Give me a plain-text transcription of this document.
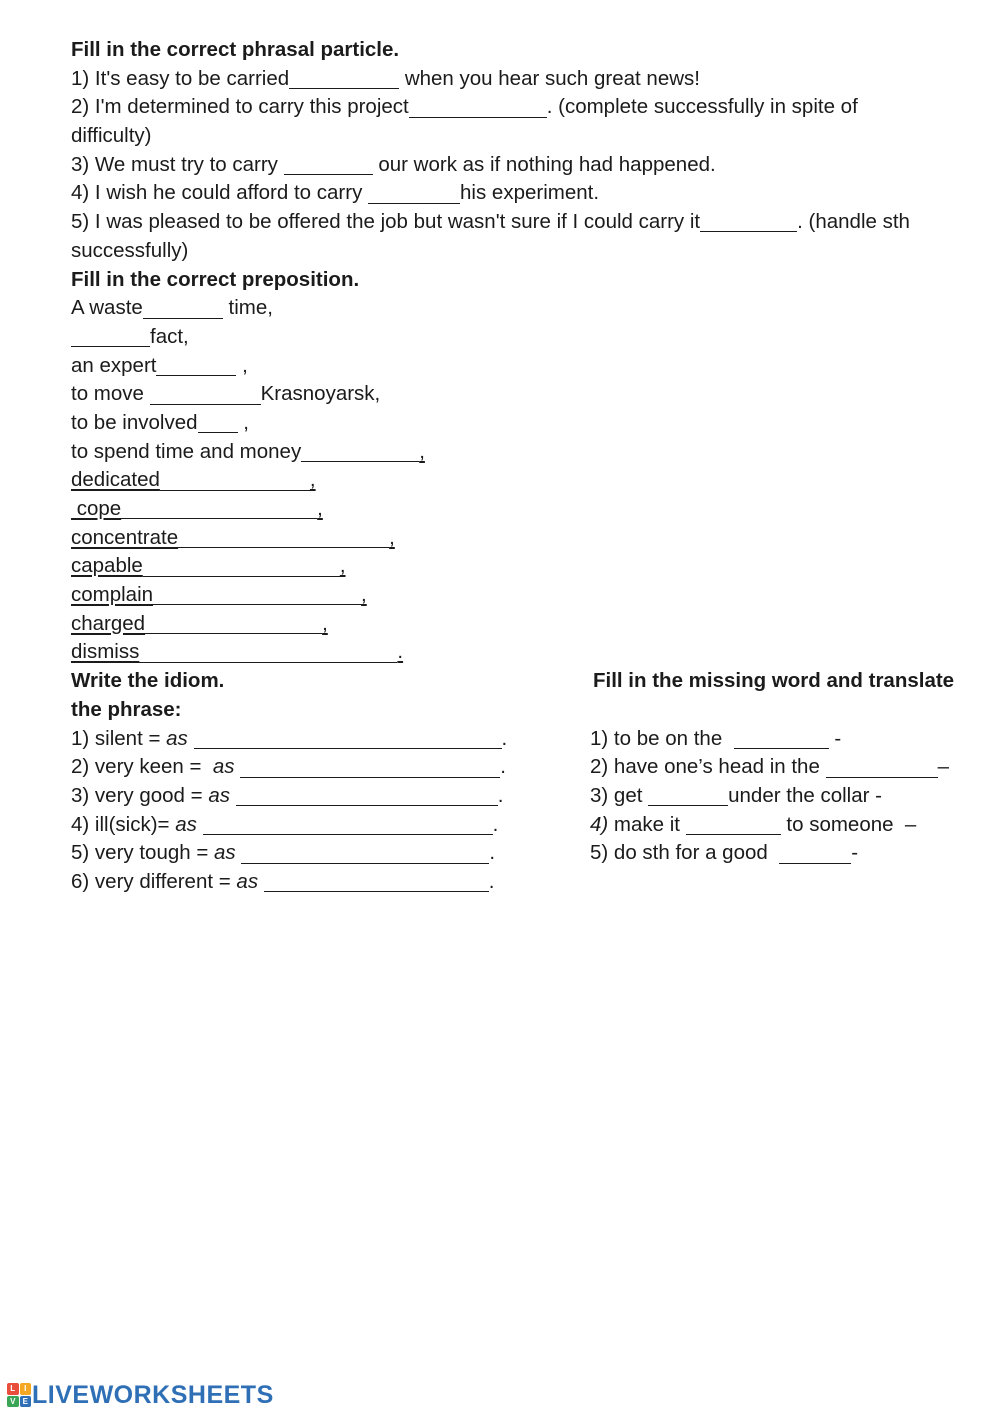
Fill in the correct phrasal particle.
1) It's easy to be carried	when you hear such great news!
2) I'm determined to carry this project	. (complete successfully in spite of
difficulty)
3) We must try to carry	our work as if nothing had happened.
4) I wish he could afford to carry	his experiment.
5) I was pleased to be offered the job but wasn't sure if I could carry it	. (handle sth
successfully)
Fill in the correct preposition.
A waste	time,
fact,
an expert	,
to move	Krasnoyarsk,
to be involved ,
to spend time and money	,
dedicated	,
cope	,
concentrate	,
capable	,
complain	,
charged	,
dismiss	.
Write the idiom.	Fill in the missing word and translate
the phrase:
1) silent = as	.	1) to be on the	-
2) very keen =  as	.	2) have one’s head in the	–
3) very good = as	.	3) get	under the collar -
4) ill(sick)= as	.	4) make it	to someone  –
5) very tough = as	.	5) do sth for a good	-
6) very different = as	.
L	I
V E LIVEWORKSHEETS
